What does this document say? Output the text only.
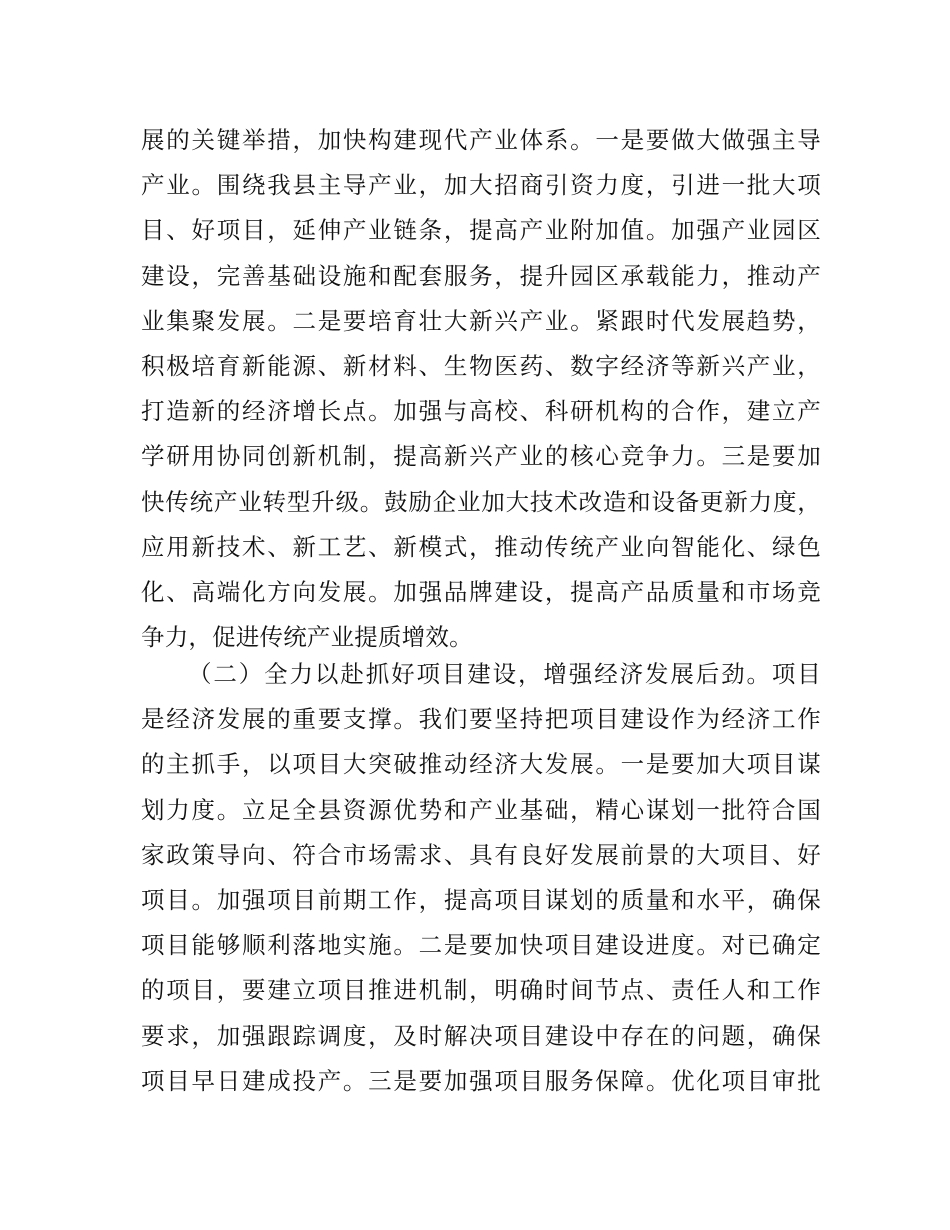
展的关键举措，加快构建现代产业体系。一是要做大做强主导
产业。围绕我县主导产业，加大招商引资力度，引进一批大项
目、好项目，延伸产业链条，提高产业附加值。加强产业园区
建设，完善基础设施和配套服务，提升园区承载能力，推动产
业集聚发展。二是要培育壮大新兴产业。紧跟时代发展趋势，
积极培育新能源、新材料、生物医药、数字经济等新兴产业，
打造新的经济增长点。加强与高校、科研机构的合作，建立产
学研用协同创新机制，提高新兴产业的核心竞争力。三是要加
快传统产业转型升级。鼓励企业加大技术改造和设备更新力度，
应用新技术、新工艺、新模式，推动传统产业向智能化、绿色
化、高端化方向发展。加强品牌建设，提高产品质量和市场竞
争力，促进传统产业提质增效。
（二）全力以赴抓好项目建设，增强经济发展后劲。项目
是经济发展的重要支撑。我们要坚持把项目建设作为经济工作
的主抓手，以项目大突破推动经济大发展。一是要加大项目谋
划力度。立足全县资源优势和产业基础，精心谋划一批符合国
家政策导向、符合市场需求、具有良好发展前景的大项目、好
项目。加强项目前期工作，提高项目谋划的质量和水平，确保
项目能够顺利落地实施。二是要加快项目建设进度。对已确定
的项目，要建立项目推进机制，明确时间节点、责任人和工作
要求，加强跟踪调度，及时解决项目建设中存在的问题，确保
项目早日建成投产。三是要加强项目服务保障。优化项目审批
